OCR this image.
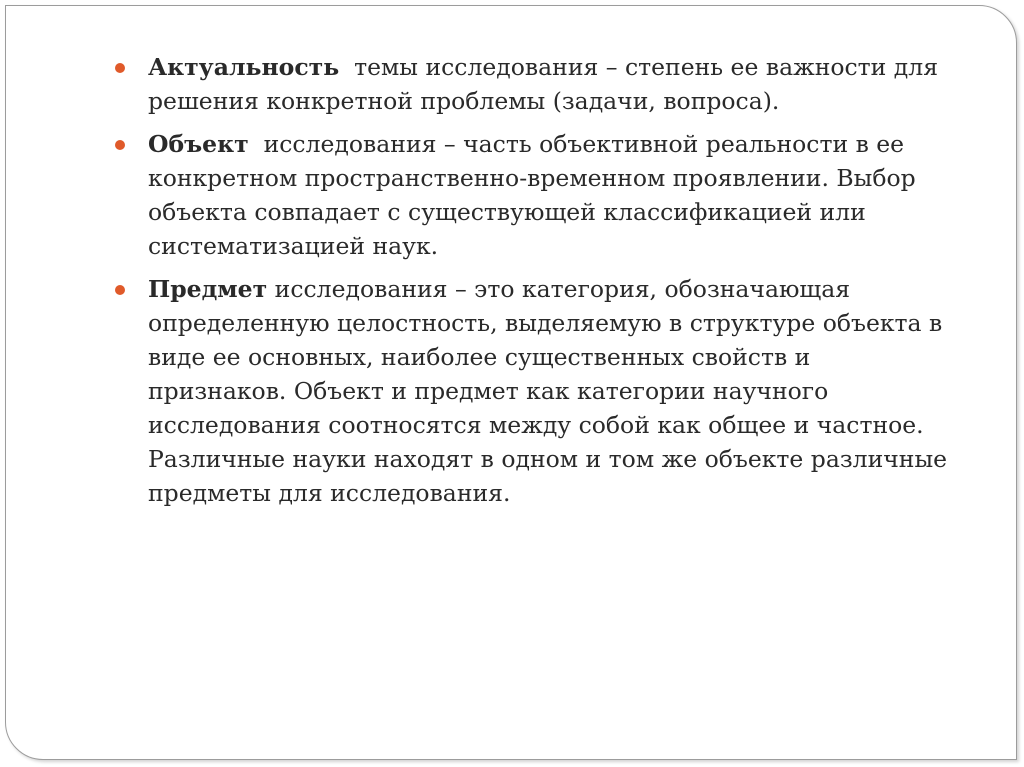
Актуальность темы исследования – степень ее важности для решения конкретной проблемы (задачи, вопроса).
Объект исследования – часть объективной реальности в ее конкретном пространственно-временном проявлении. Выбор объекта совпадает с существующей классификацией или систематизацией наук.
Предмет исследования – это категория, обозначающая определенную целостность, выделяемую в структуре объекта в виде ее основных, наиболее существенных свойств и признаков. Объект и предмет как категории научного исследования соотносятся между собой как общее и частное. Различные науки находят в одном и том же объекте различные предметы для исследования.
